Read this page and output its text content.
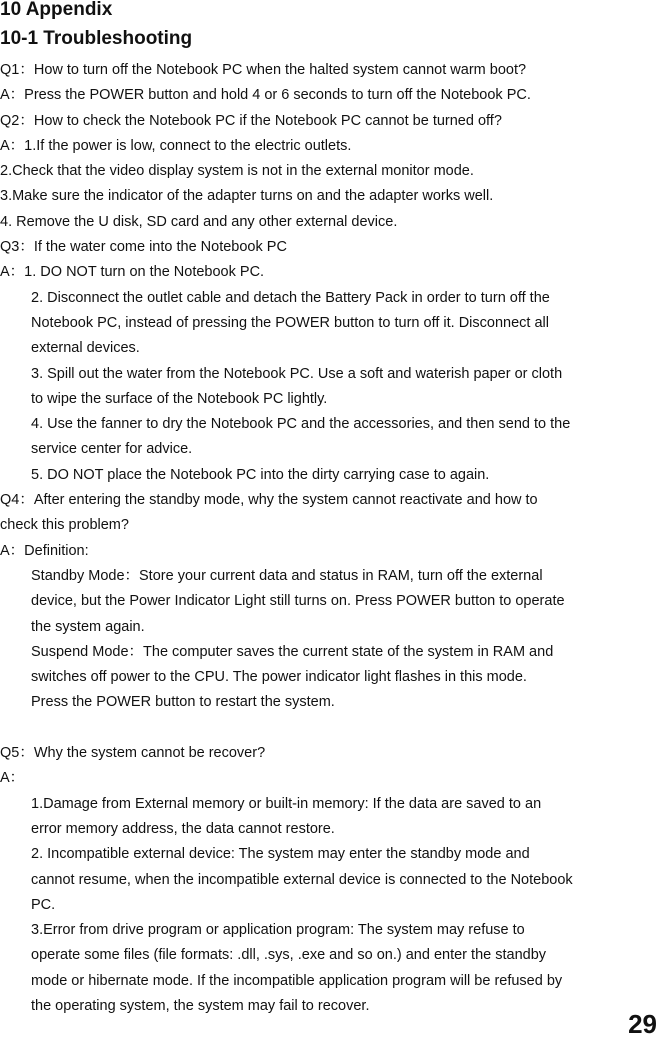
10 Appendix
10-1 Troubleshooting
Q1：How to turn off the Notebook PC when the halted system cannot warm boot?
A：Press the POWER button and hold 4 or 6 seconds to turn off the Notebook PC.
Q2：How to check the Notebook PC if the Notebook PC cannot be turned off?
A：1.If the power is low, connect to the electric outlets.
2.Check that the video display system is not in the external monitor mode.
3.Make sure the indicator of the adapter turns on and the adapter works well.
4. Remove the U disk, SD card and any other external device.
Q3：If the water come into the Notebook PC
A：1. DO NOT turn on the Notebook PC.
2. Disconnect the outlet cable and detach the Battery Pack in order to turn off the
Notebook PC, instead of pressing the POWER button to turn off it. Disconnect all
external devices.
3. Spill out the water from the Notebook PC. Use a soft and waterish paper or cloth
to wipe the surface of the Notebook PC lightly.
4. Use the fanner to dry the Notebook PC and the accessories, and then send to the
service center for advice.
5. DO NOT place the Notebook PC into the dirty carrying case to again.
Q4：After entering the standby mode, why the system cannot reactivate and how to
check this problem?
A：Definition:
Standby Mode：Store your current data and status in RAM, turn off the external
device, but the Power Indicator Light still turns on. Press POWER button to operate
the system again.
Suspend Mode：The computer saves the current state of the system in RAM and
switches off power to the CPU. The power indicator light flashes in this mode.
Press the POWER button to restart the system.
Q5：Why the system cannot be recover?
A：
1.Damage from External memory or built-in memory: If the data are saved to an
error memory address, the data cannot restore.
2. Incompatible external device: The system may enter the standby mode and
cannot resume, when the incompatible external device is connected to the Notebook
PC.
3.Error from drive program or application program: The system may refuse to
operate some files (file formats: .dll, .sys, .exe and so on.) and enter the standby
mode or hibernate mode. If the incompatible application program will be refused by
the operating system, the system may fail to recover.
29
